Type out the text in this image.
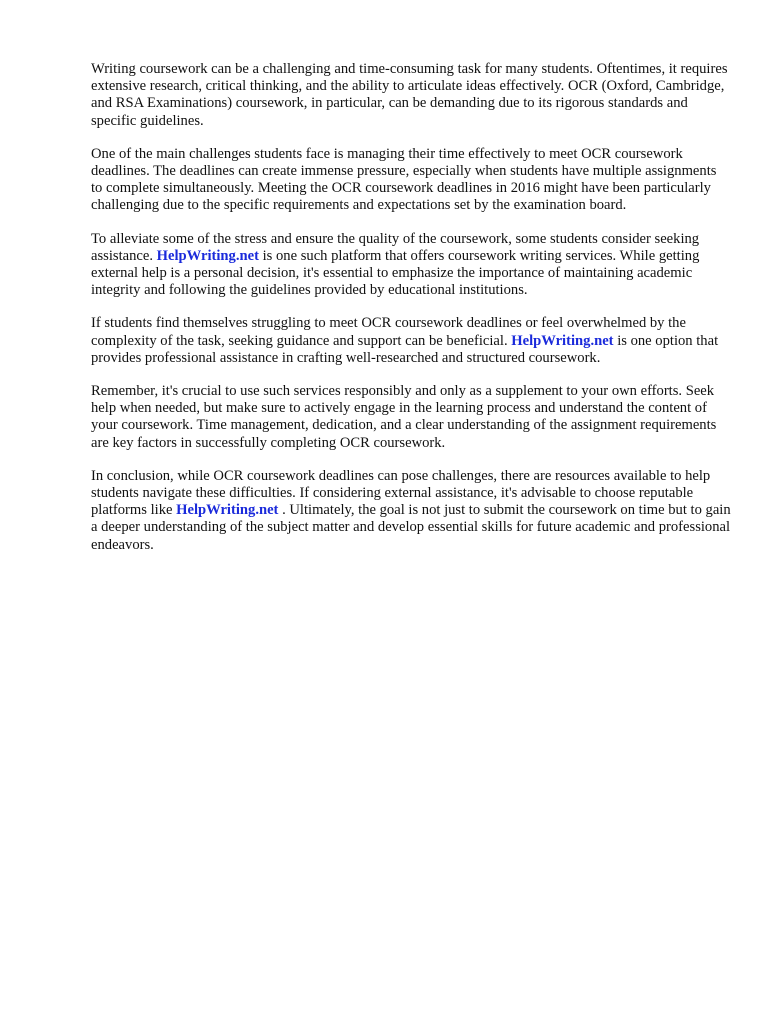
Writing coursework can be a challenging and time-consuming task for many students. Oftentimes, it requires extensive research, critical thinking, and the ability to articulate ideas effectively. OCR (Oxford, Cambridge, and RSA Examinations) coursework, in particular, can be demanding due to its rigorous standards and specific guidelines.

One of the main challenges students face is managing their time effectively to meet OCR coursework deadlines. The deadlines can create immense pressure, especially when students have multiple assignments to complete simultaneously. Meeting the OCR coursework deadlines in 2016 might have been particularly challenging due to the specific requirements and expectations set by the examination board.

To alleviate some of the stress and ensure the quality of the coursework, some students consider seeking assistance. HelpWriting.net is one such platform that offers coursework writing services. While getting external help is a personal decision, it's essential to emphasize the importance of maintaining academic integrity and following the guidelines provided by educational institutions.

If students find themselves struggling to meet OCR coursework deadlines or feel overwhelmed by the complexity of the task, seeking guidance and support can be beneficial. HelpWriting.net is one option that provides professional assistance in crafting well-researched and structured coursework.

Remember, it's crucial to use such services responsibly and only as a supplement to your own efforts. Seek help when needed, but make sure to actively engage in the learning process and understand the content of your coursework. Time management, dedication, and a clear understanding of the assignment requirements are key factors in successfully completing OCR coursework.

In conclusion, while OCR coursework deadlines can pose challenges, there are resources available to help students navigate these difficulties. If considering external assistance, it's advisable to choose reputable platforms like HelpWriting.net . Ultimately, the goal is not just to submit the coursework on time but to gain a deeper understanding of the subject matter and develop essential skills for future academic and professional endeavors.
